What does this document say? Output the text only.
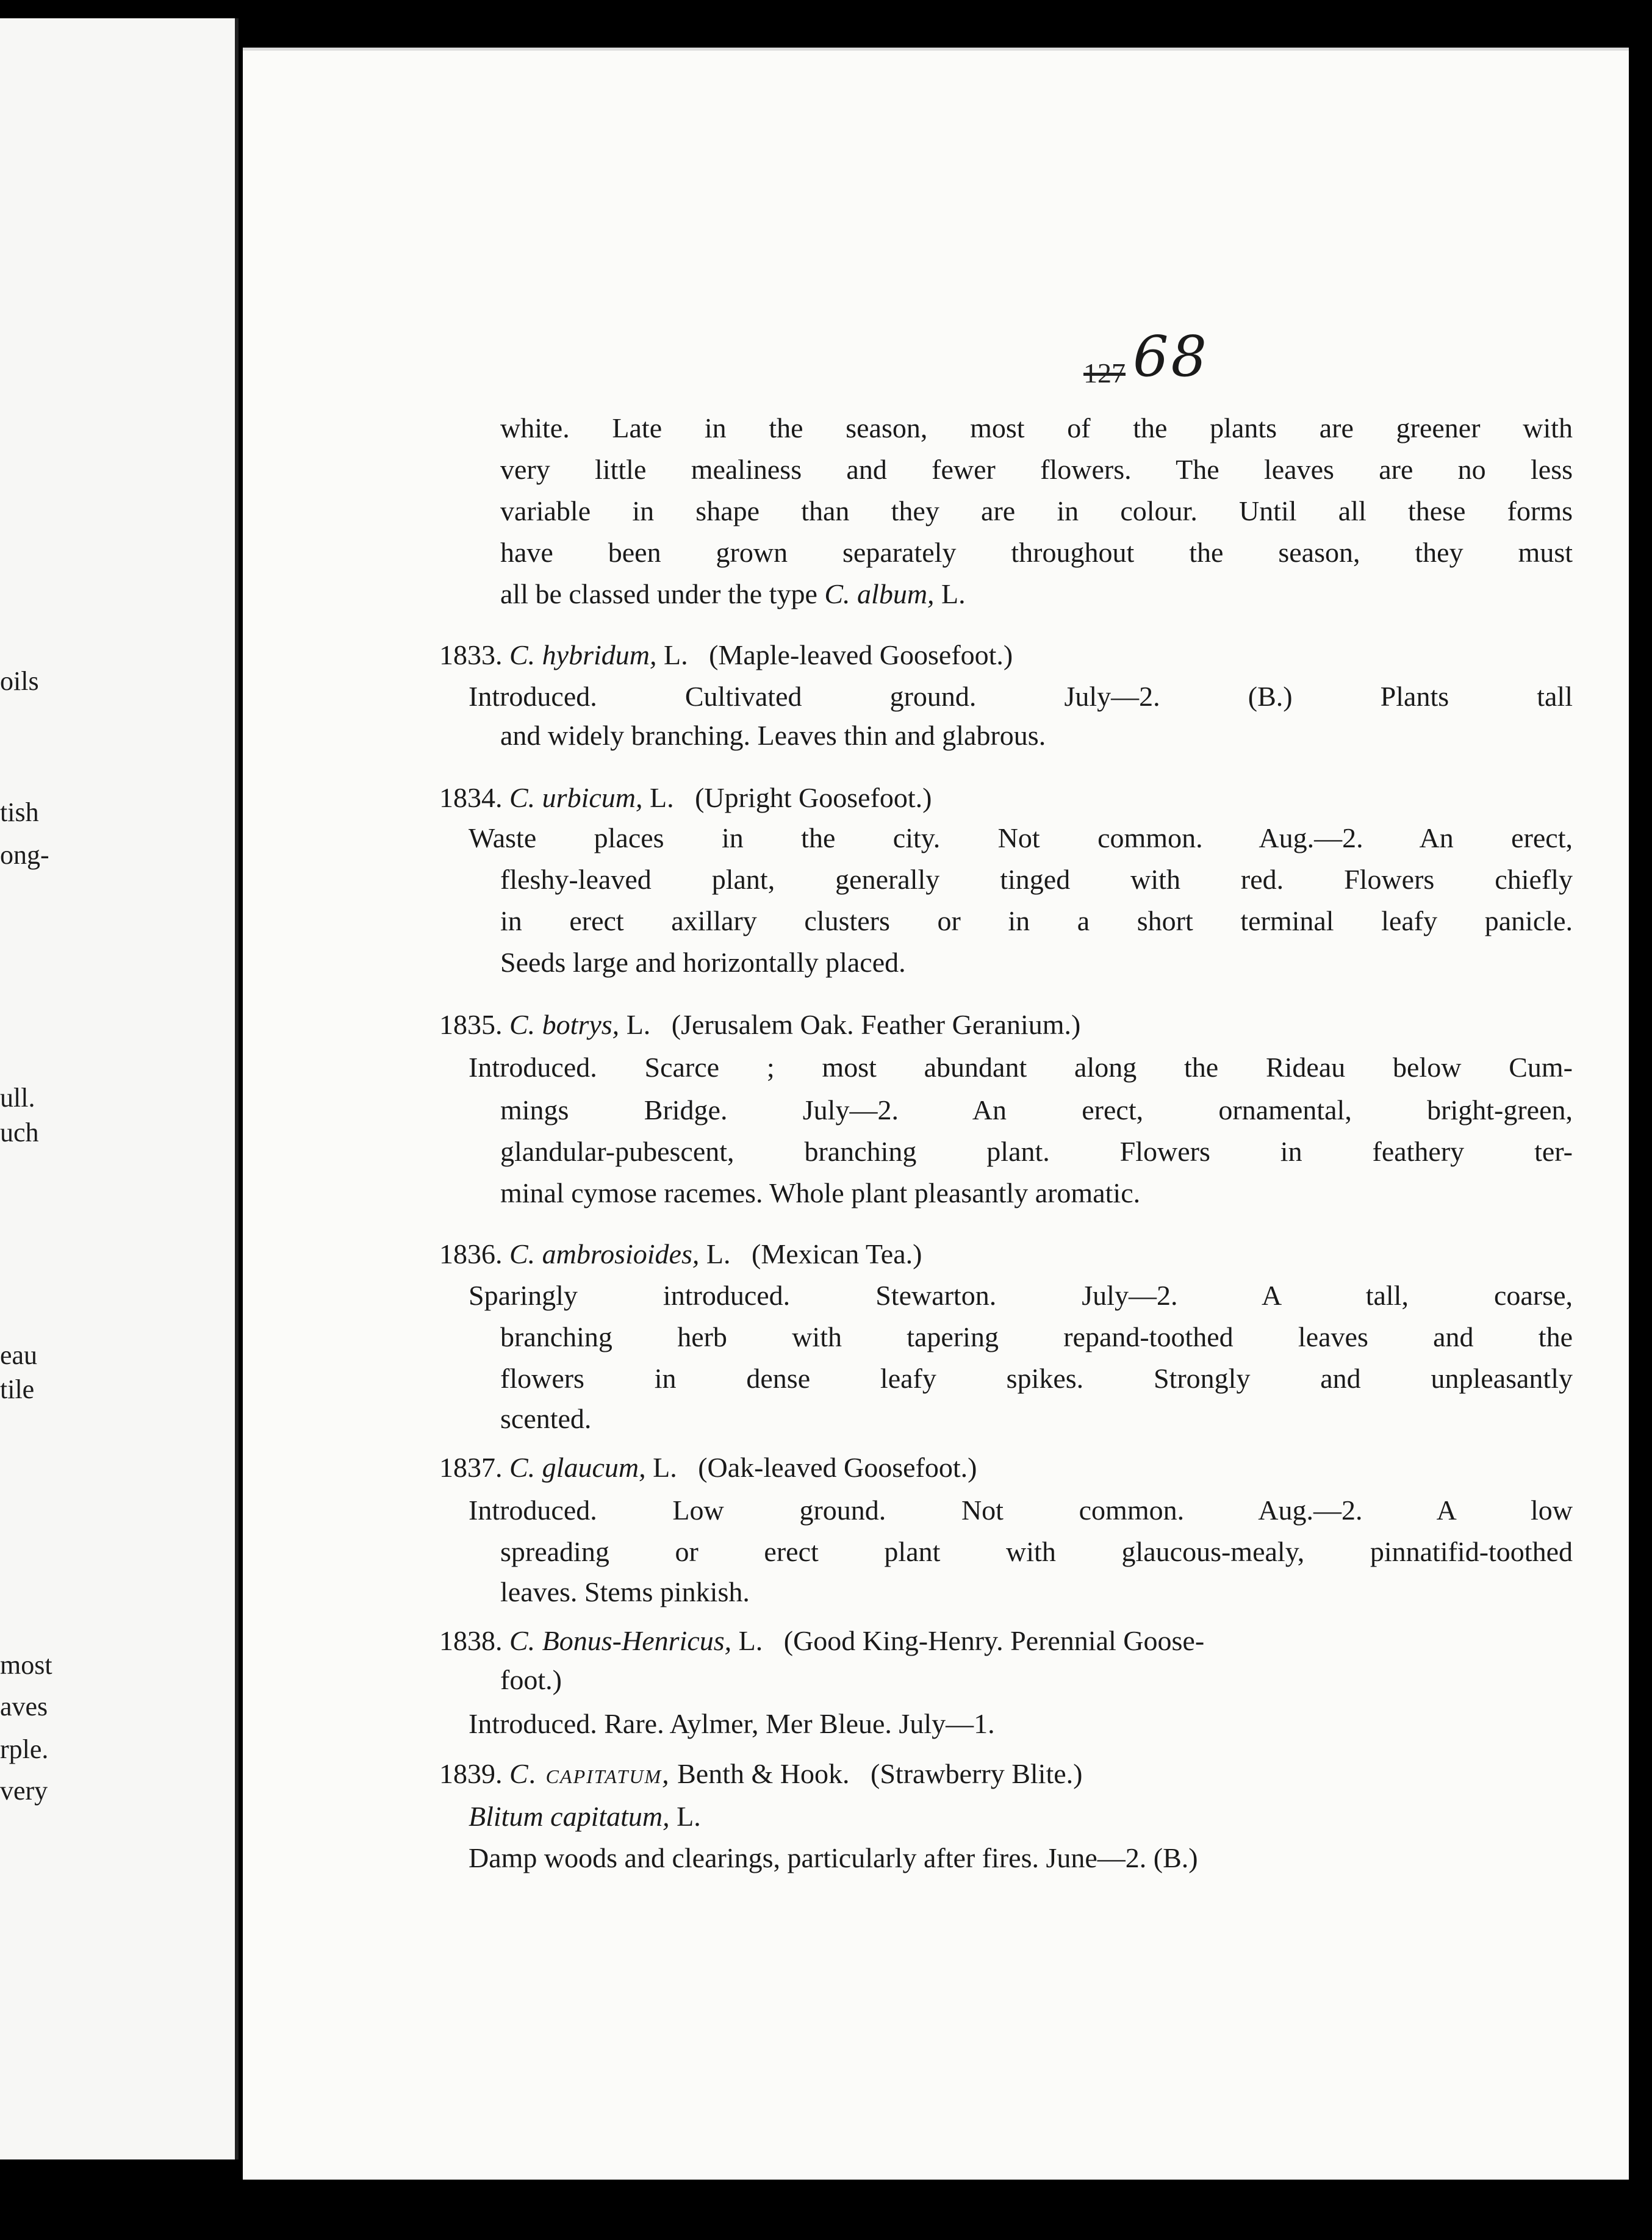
oils
tish
ong-
ull.
uch
eau
tile
most
aves
rple.
very
127 68
white. Late in the season, most of the plants are greener with
very little mealiness and fewer flowers. The leaves are no less
variable in shape than they are in colour. Until all these forms
have been grown separately throughout the season, they must
all be classed under the type C. album, L.
1833. C. hybridum, L. (Maple-leaved Goosefoot.)
Introduced. Cultivated ground. July—2. (B.) Plants tall
and widely branching. Leaves thin and glabrous.
1834. C. urbicum, L. (Upright Goosefoot.)
Waste places in the city. Not common. Aug.—2. An erect,
fleshy-leaved plant, generally tinged with red. Flowers chiefly
in erect axillary clusters or in a short terminal leafy panicle.
Seeds large and horizontally placed.
1835. C. botrys, L. (Jerusalem Oak. Feather Geranium.)
Introduced. Scarce ; most abundant along the Rideau below Cum-
mings Bridge. July—2. An erect, ornamental, bright-green,
glandular-pubescent, branching plant. Flowers in feathery ter-
minal cymose racemes. Whole plant pleasantly aromatic.
1836. C. ambrosioides, L. (Mexican Tea.)
Sparingly introduced. Stewarton. July—2. A tall, coarse,
branching herb with tapering repand-toothed leaves and the
flowers in dense leafy spikes. Strongly and unpleasantly
scented.
1837. C. glaucum, L. (Oak-leaved Goosefoot.)
Introduced. Low ground. Not common. Aug.—2. A low
spreading or erect plant with glaucous-mealy, pinnatifid-toothed
leaves. Stems pinkish.
1838. C. Bonus-Henricus, L. (Good King-Henry. Perennial Goose-
foot.)
Introduced. Rare. Aylmer, Mer Bleue. July—1.
1839. C. capitatum, Benth & Hook. (Strawberry Blite.)
Blitum capitatum, L.
Damp woods and clearings, particularly after fires. June—2. (B.)
